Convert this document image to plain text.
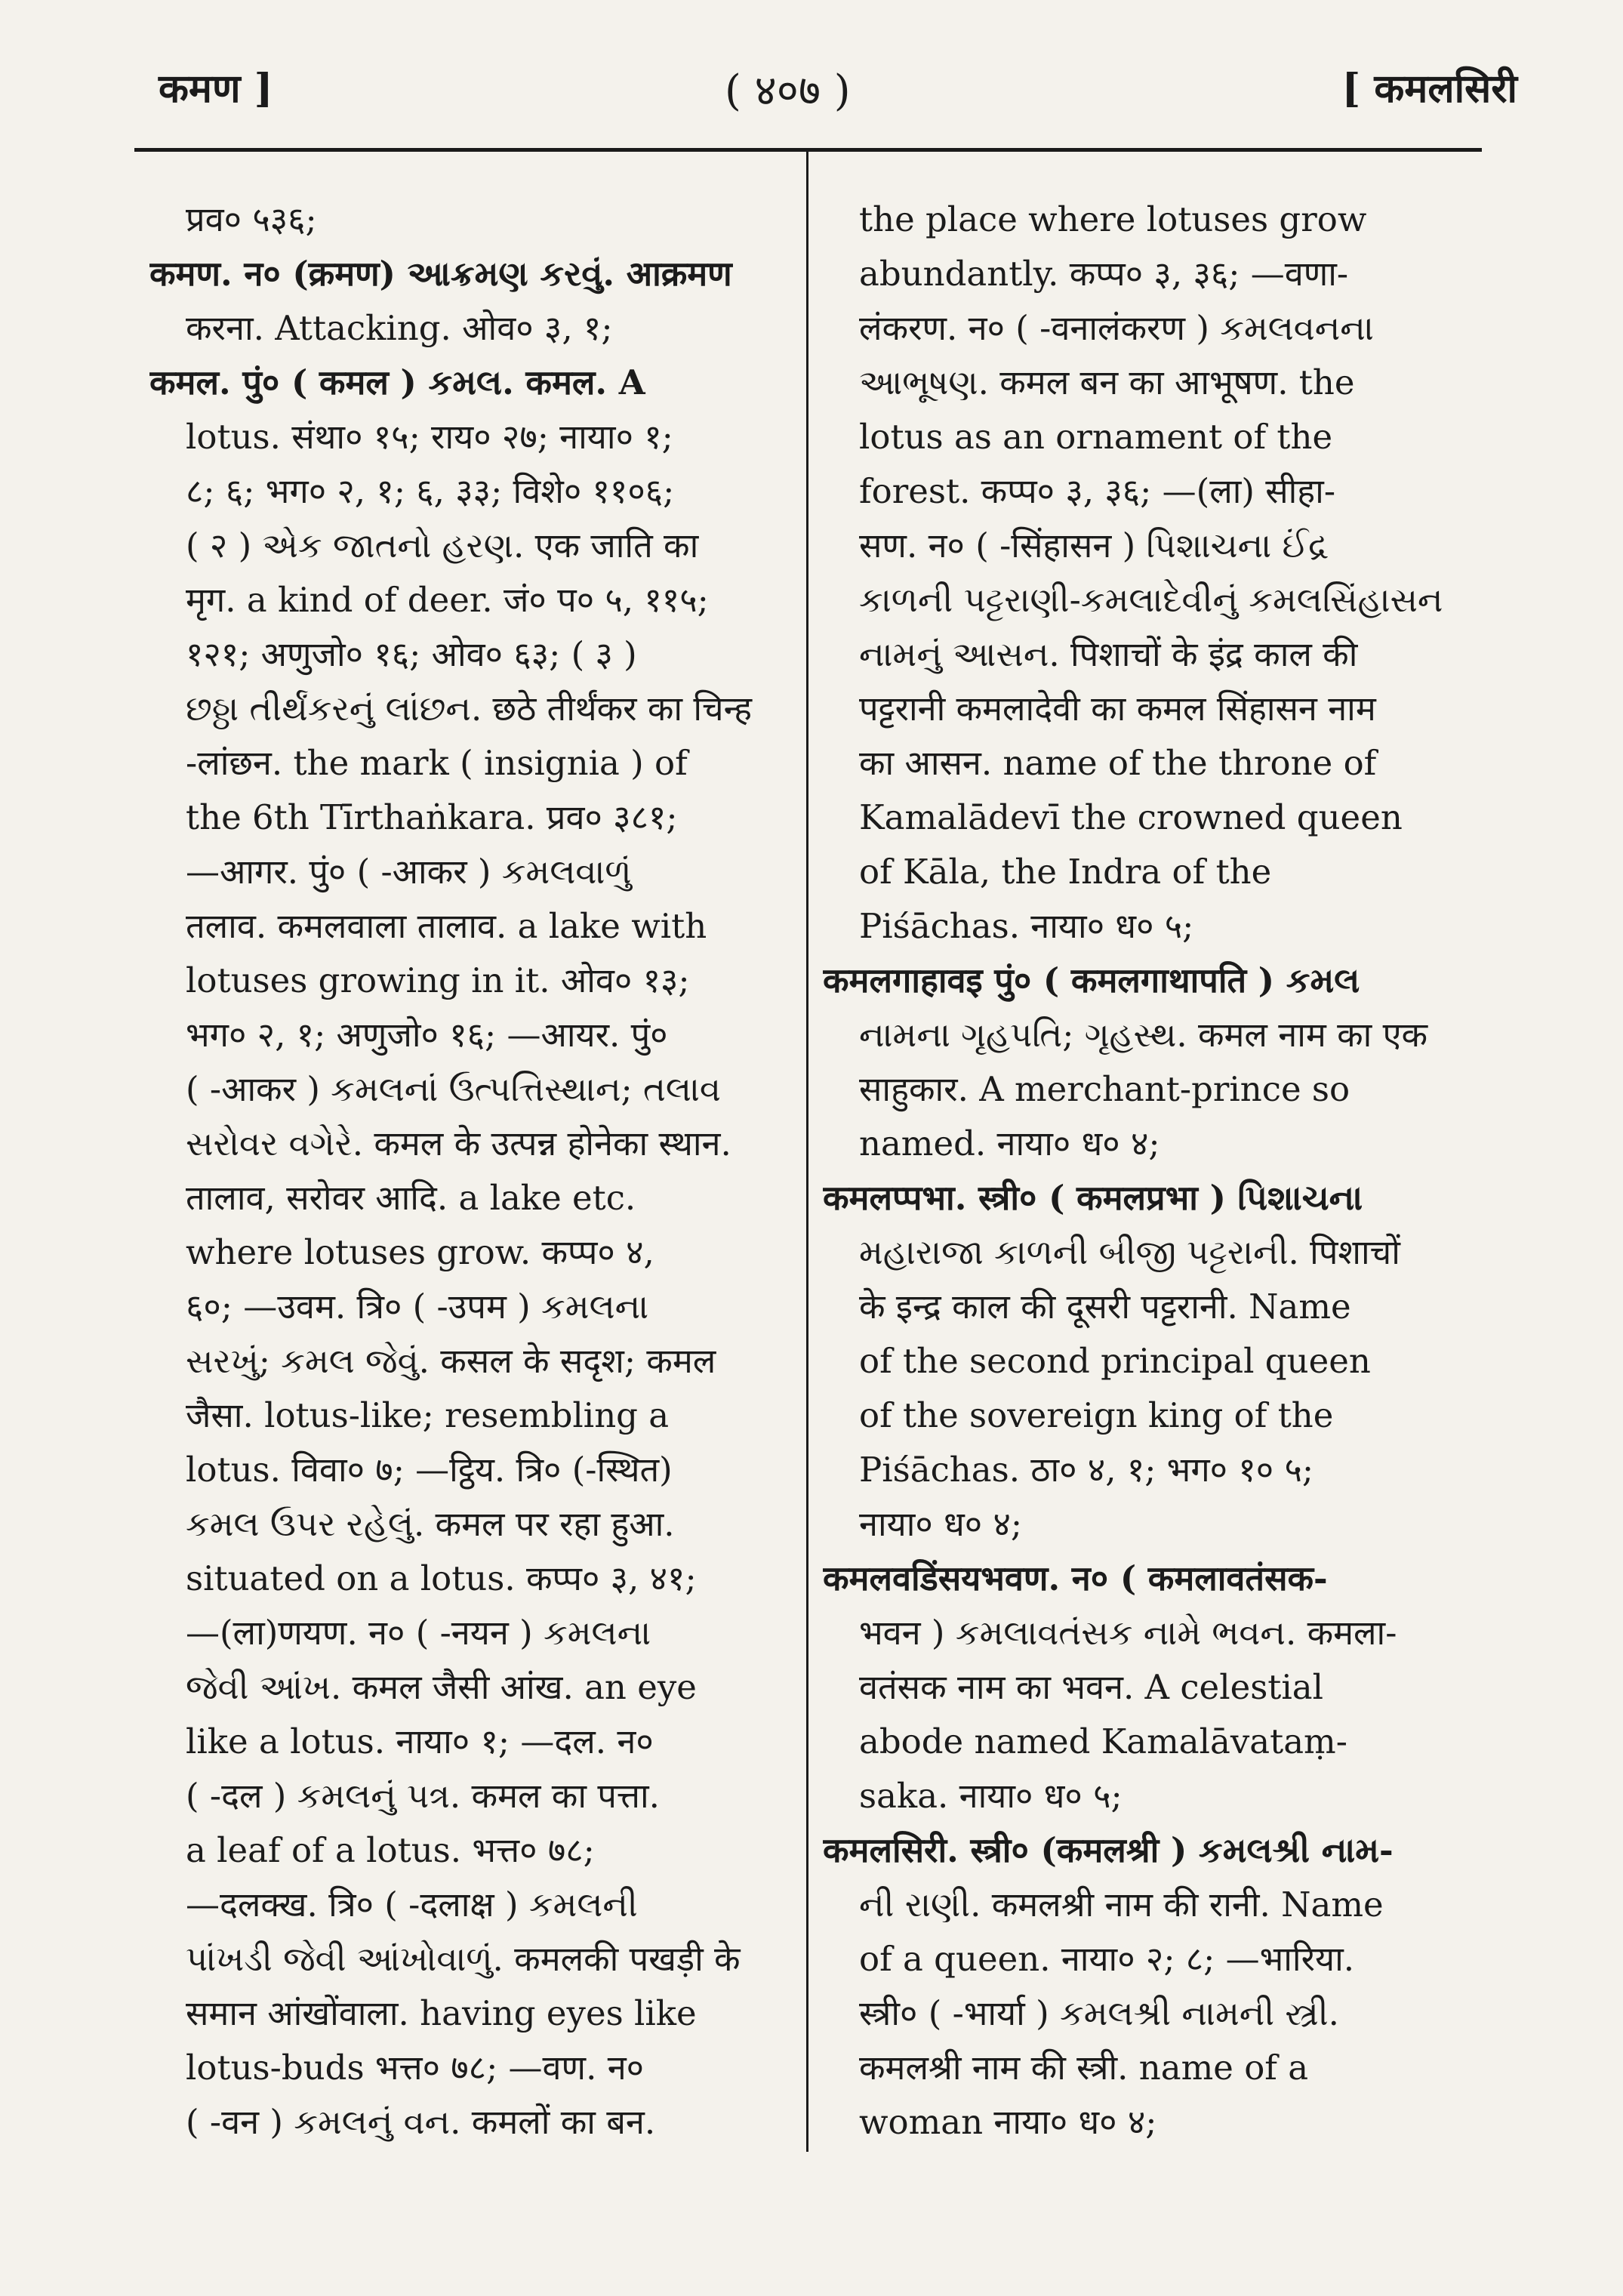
कमण ]	( ४०७ )	[ कमलसिरी
प्रव० ५३६;
कमण. न० (क्रमण) આક્રમણ કરવું. आक्रमण
करना. Attacking. ओव० ३, १;
कमल. पुं० ( कमल ) કમલ. कमल. A
lotus. संथा० १५; राय० २७; नाया० १;
८; ६; भग० २, १; ६, ३३; विशे० ११०६;
( २ ) એક જાતનો હરણ. एक जाति का
मृग. a kind of deer. जं० प० ५, ११५;
१२१; अणुजो० १६; ओव० ६३; ( ३ )
છઠ્ઠા તીર્થંકરનું લાંછન. छठे तीर्थंकर का चिन्ह
-लांछन. the mark ( insignia ) of
the 6th Tīrthaṅkara. प्रव० ३८१;
—आगर. पुं० ( -आकर ) કમલવાળું
तलाव. कमलवाला तालाव. a lake with
lotuses growing in it. ओव० १३;
भग० २, १; अणुजो० १६; —आयर. पुं०
( -आकर ) કમલનાં ઉત્પત્તિસ્થાન; તલાવ
સરોવર વગેરે. कमल के उत्पन्न होनेका स्थान.
तालाव, सरोवर आदि. a lake etc.
where lotuses grow. कप्प० ४,
६०; —उवम. त्रि० ( -उपम ) કમલના
સરખું; કમલ જેવું. कसल के सदृश; कमल
जैसा. lotus-like; resembling a
lotus. विवा० ७; —ट्ठिय. त्रि० (-स्थित)
કમલ ઉપર રહેલું. कमल पर रहा हुआ.
situated on a lotus. कप्प० ३, ४१;
—(ला)णयण. न० ( -नयन ) કમલના
જેવી આંખ. कमल जैसी आंख. an eye
like a lotus. नाया० १; —दल. न०
( -दल ) કમલનું પત્ર. कमल का पत्ता.
a leaf of a lotus. भत्त० ७८;
—दलक्ख. त्रि० ( -दलाक्ष ) કમલની
પાંખડી જેવી આંખોવાળું. कमलकी पखड़ी के
समान आंखोंवाला. having eyes like
lotus-buds भत्त० ७८; —वण. न०
( -वन ) કમલનું વન. कमलों का बन.
the place where lotuses grow
abundantly. कप्प० ३, ३६; —वणा-
लंकरण. न० ( -वनालंकरण ) કમલવનના
આભૂષણ. कमल बन का आभूषण. the
lotus as an ornament of the
forest. कप्प० ३, ३६; —(ला) सीहा-
सण. न० ( -सिंहासन ) પિશાચના ઈંદ્ર
કાળની પટ્ટરાણી-કમલાદેવીનું કમલસિંહાસન
નામનું આસન. पिशाचों के इंद्र काल की
पट्टरानी कमलादेवी का कमल सिंहासन नाम
का आसन. name of the throne of
Kamalādevī the crowned queen
of Kāla, the Indra of the
Piśāchas. नाया० ध० ५;
कमलगाहावइ पुं० ( कमलगाथापति ) કમલ
નામના ગૃહપતિ; ગૃહસ્થ. कमल नाम का एक
साहुकार. A merchant-prince so
named. नाया० ध० ४;
कमलप्पभा. स्त्री० ( कमलप्रभा ) પિશાચના
મહારાજા કાળની બીજી પટ્ટરાની. पिशाचों
के इन्द्र काल की दूसरी पट्टरानी. Name
of the second principal queen
of the sovereign king of the
Piśāchas. ठा० ४, १; भग० १० ५;
नाया० ध० ४;
कमलवडिंसयभवण. न० ( कमलावतंसक-
भवन ) કમલાવતંસક નામે ભવન. कमला-
वतंसक नाम का भवन. A celestial
abode named Kamalāvataṃ-
saka. नाया० ध० ५;
कमलसिरी. स्त्री० (कमलश्री ) કમલશ્રી નામ-
ની રાણી. कमलश्री नाम की रानी. Name
of a queen. नाया० २; ८; —भारिया.
स्त्री० ( -भार्या ) કમલશ્રી નામની સ્ત્રી.
कमलश्री नाम की स्त्री. name of a
woman नाया० ध० ४;
